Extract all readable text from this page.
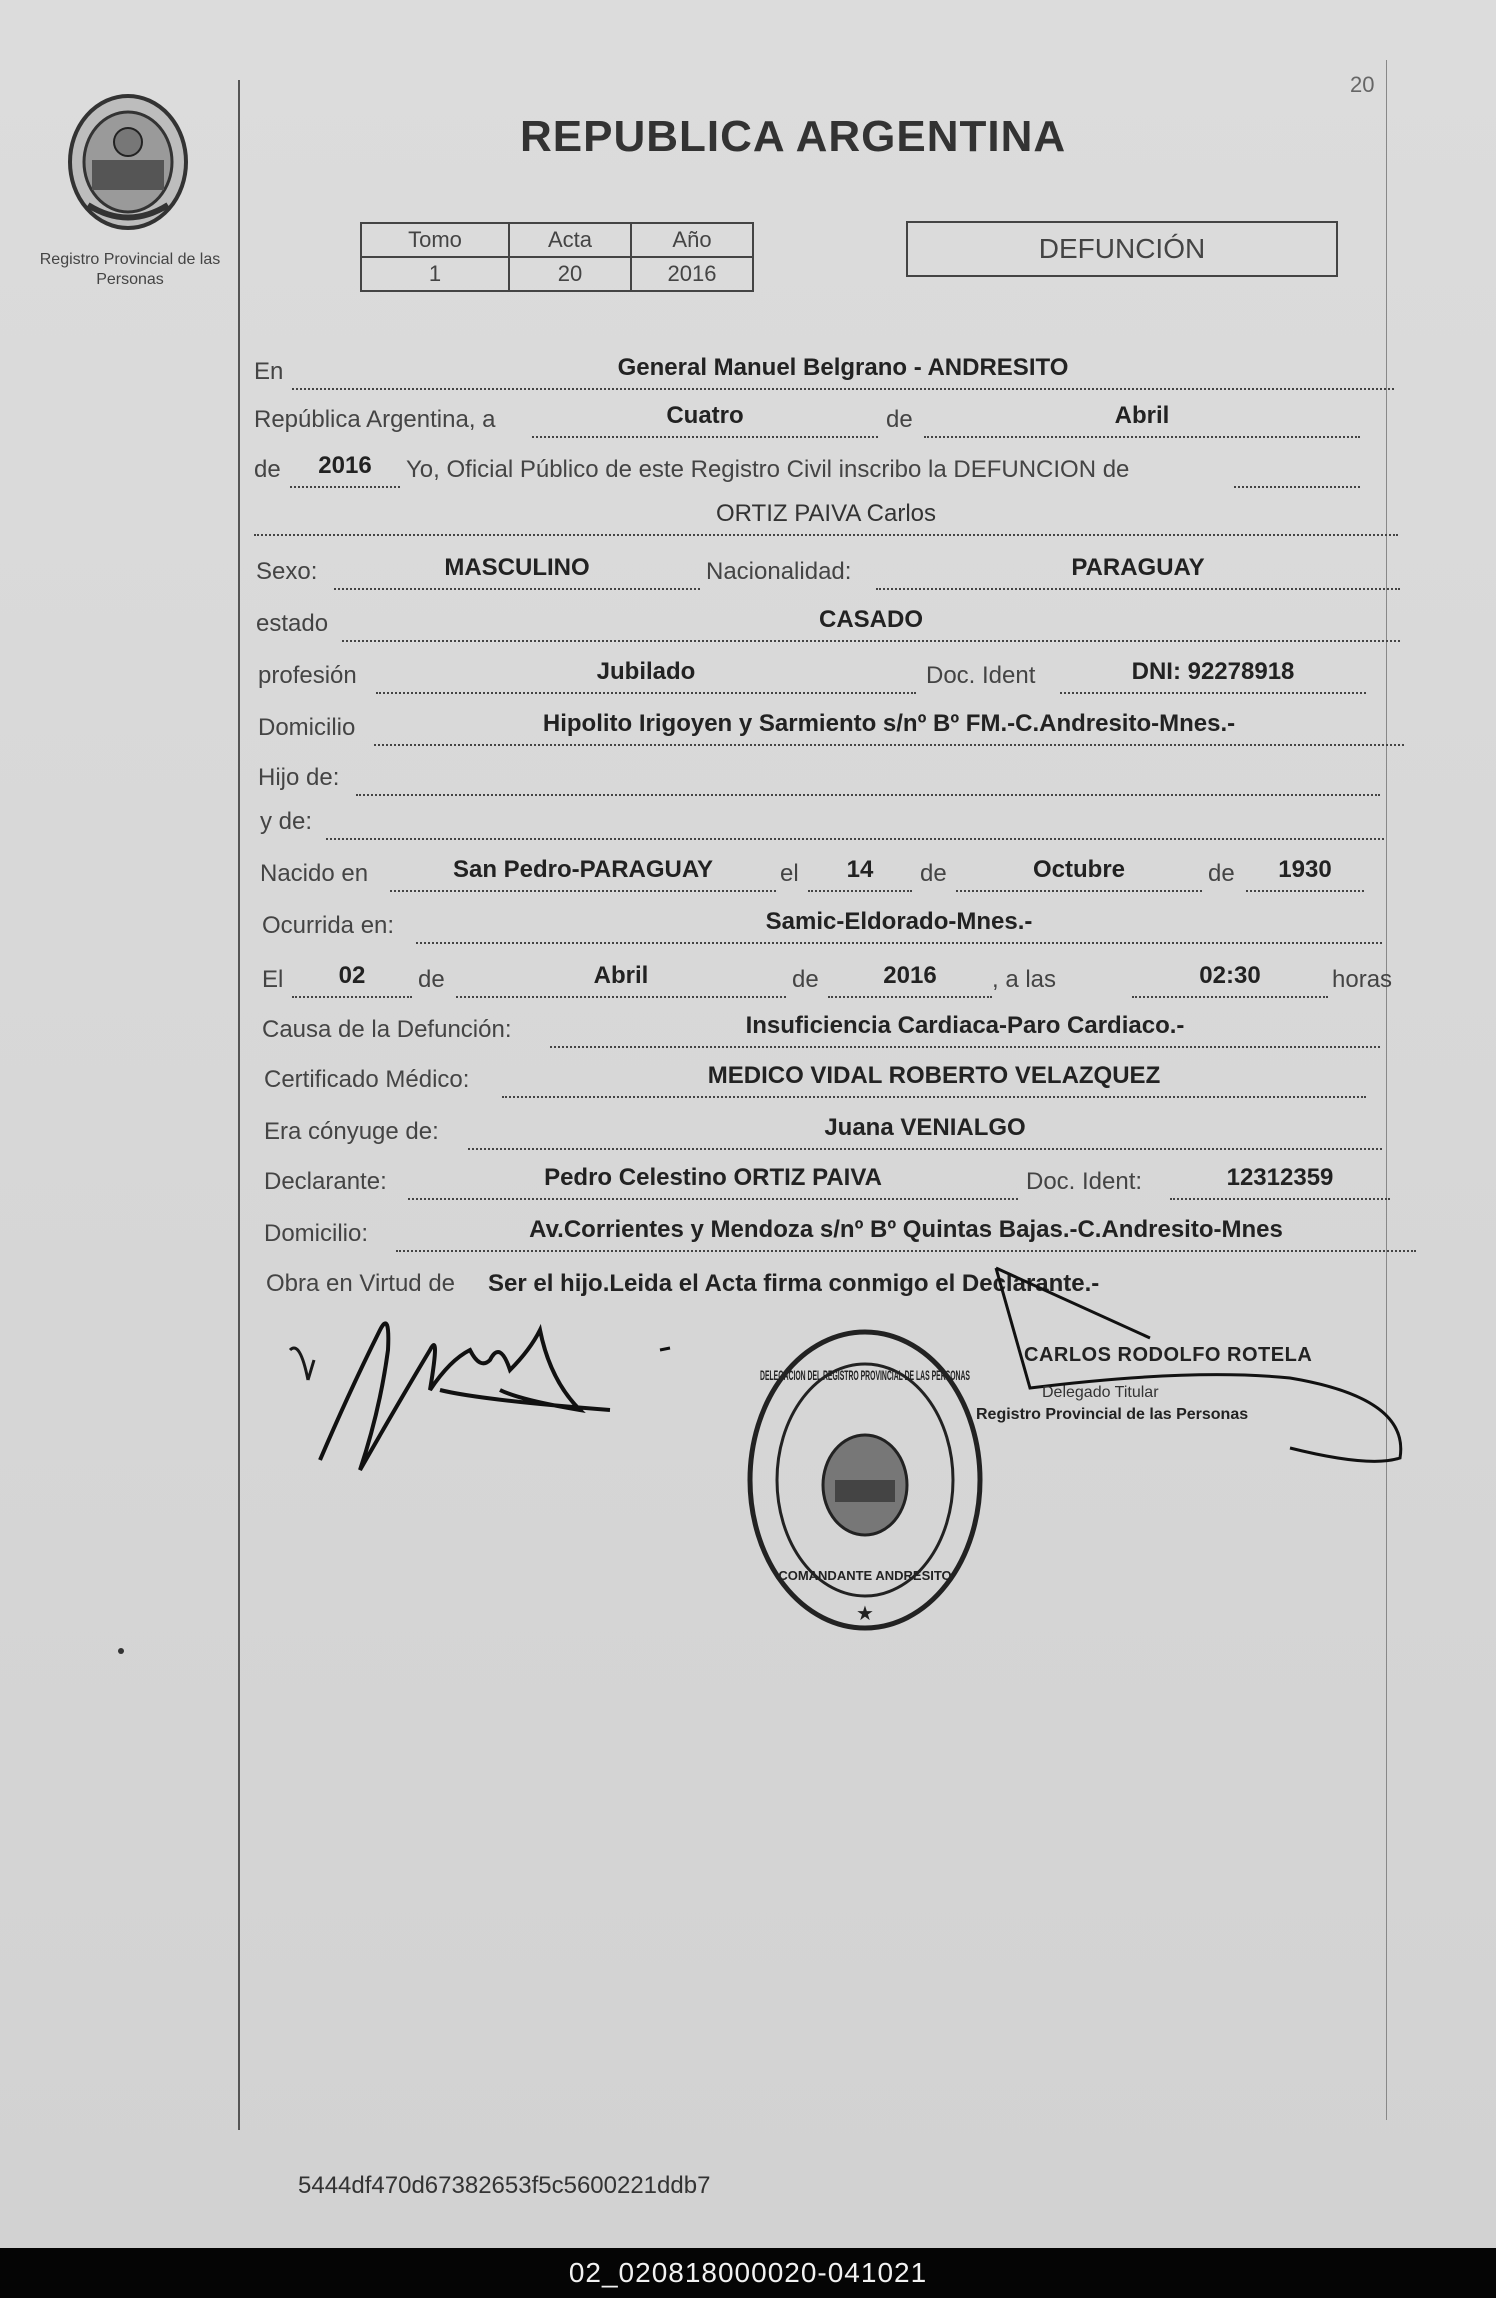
Registro Provincial de las Personas
20
REPUBLICA ARGENTINA
Tomo	Acta	Año
1	20	2016
DEFUNCIÓN
En	General Manuel Belgrano - ANDRESITO
República Argentina, a	Cuatro	de	Abril
de	2016	Yo, Oficial Público de este Registro Civil inscribo la DEFUNCION de
ORTIZ PAIVA Carlos
Sexo:	MASCULINO	Nacionalidad:	PARAGUAY
estado	CASADO
profesión	Jubilado	Doc. Ident	DNI: 92278918
Domicilio	Hipolito Irigoyen y Sarmiento s/nº Bº FM.-C.Andresito-Mnes.-
Hijo de:
y de:
Nacido en	San Pedro-PARAGUAY	el	14	de	Octubre	de	1930
Ocurrida en:	Samic-Eldorado-Mnes.-
El	02	de	Abril	de	2016	, a las	02:30	horas
Causa de la Defunción:	Insuficiencia Cardiaca-Paro Cardiaco.-
Certificado Médico:	MEDICO VIDAL ROBERTO VELAZQUEZ
Era cónyuge de:	Juana VENIALGO
Declarante:	Pedro Celestino ORTIZ PAIVA	Doc. Ident:	12312359
Domicilio:	Av.Corrientes y Mendoza s/nº Bº Quintas Bajas.-C.Andresito-Mnes
Obra en Virtud de Ser el hijo.Leida el Acta firma conmigo el Declarante.-
DELEGACION DEL REGISTRO PROVINCIAL DE LAS PERSONAS
COMANDANTE ANDRESITO
★
CARLOS RODOLFO ROTELA
Delegado Titular
Registro Provincial de las Personas
5444df470d67382653f5c5600221ddb7
02_020818000020-041021
